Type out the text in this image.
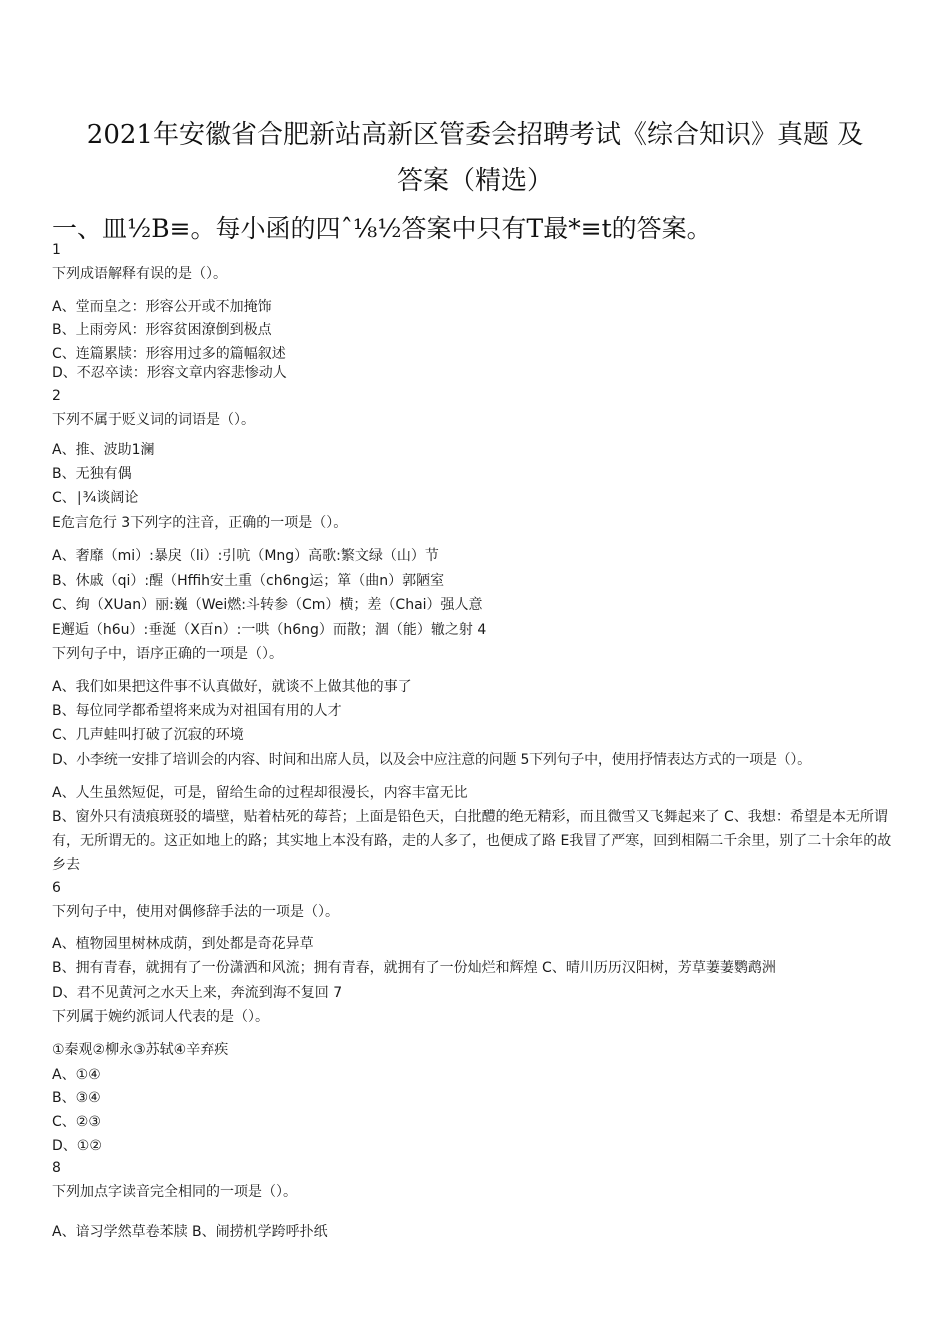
2021年安徽省合肥新站高新区管委会招聘考试《综合知识》真题 及
答案（精选）
一、皿½B≡。每小函的四ˆ⅛½答案中只有T最*≡t的答案。
1
下列成语解释有误的是（）。
A、堂而皇之：形容公开或不加掩饰
B、上雨旁风：形容贫困潦倒到极点
C、连篇累牍：形容用过多的篇幅叙述
D、不忍卒读：形容文章内容悲惨动人
2
下列不属于贬义词的词语是（）。
A、推、波助1澜
B、无独有偶
C、∣¾谈阔论
E危言危行 3下列字的注音，正确的一项是（）。
A、奢靡（mi）:暴戾（li）:引吭（Mng）高歌:繁文绿（山）节
B、休戚（qi）:醒（Hffih安土重（ch6ng运；箪（曲n）郭陋室
C、绚（XUan）丽:巍（Wei燃:斗转参（Cm）横；差（Chai）强人意
E邂逅（h6u）:垂涎（X百n）:一哄（h6ng）而散；涸（能）辙之射 4
下列句子中，语序正确的一项是（）。
A、我们如果把这件事不认真做好，就谈不上做其他的事了
B、每位同学都希望将来成为对祖国有用的人才
C、几声蛙叫打破了沉寂的环境
D、小李统一安排了培训会的内容、时间和出席人员，以及会中应注意的问题 5下列句子中，使用抒情表达方式的一项是（）。
A、人生虽然短促，可是，留给生命的过程却很漫长，内容丰富无比
B、窗外只有渍痕斑驳的墙壁，贴着枯死的莓苔；上面是铅色天，白批醴的绝无精彩，而且微雪又飞舞起来了 C、我想：希望是本无所谓有，无所谓无的。这正如地上的路；其实地上本没有路，走的人多了，也便成了路 E我冒了严寒，回到相隔二千余里，别了二十余年的故乡去
6
下列句子中，使用对偶修辞手法的一项是（）。
A、植物园里树林成荫，到处都是奇花异草
B、拥有青春，就拥有了一份潇洒和风流；拥有青春，就拥有了一份灿烂和辉煌 C、晴川历历汉阳树，芳草萋萋鹦鹉洲
D、君不见黄河之水天上来，奔流到海不复回 7
下列属于婉约派词人代表的是（）。
①秦观②柳永③苏轼④辛弃疾
A、①④
B、③④
C、②③
D、①②
8
下列加点字读音完全相同的一项是（）。
A、谙习学然草卷苯牍 B、闹捞机学跨呼扑纸
